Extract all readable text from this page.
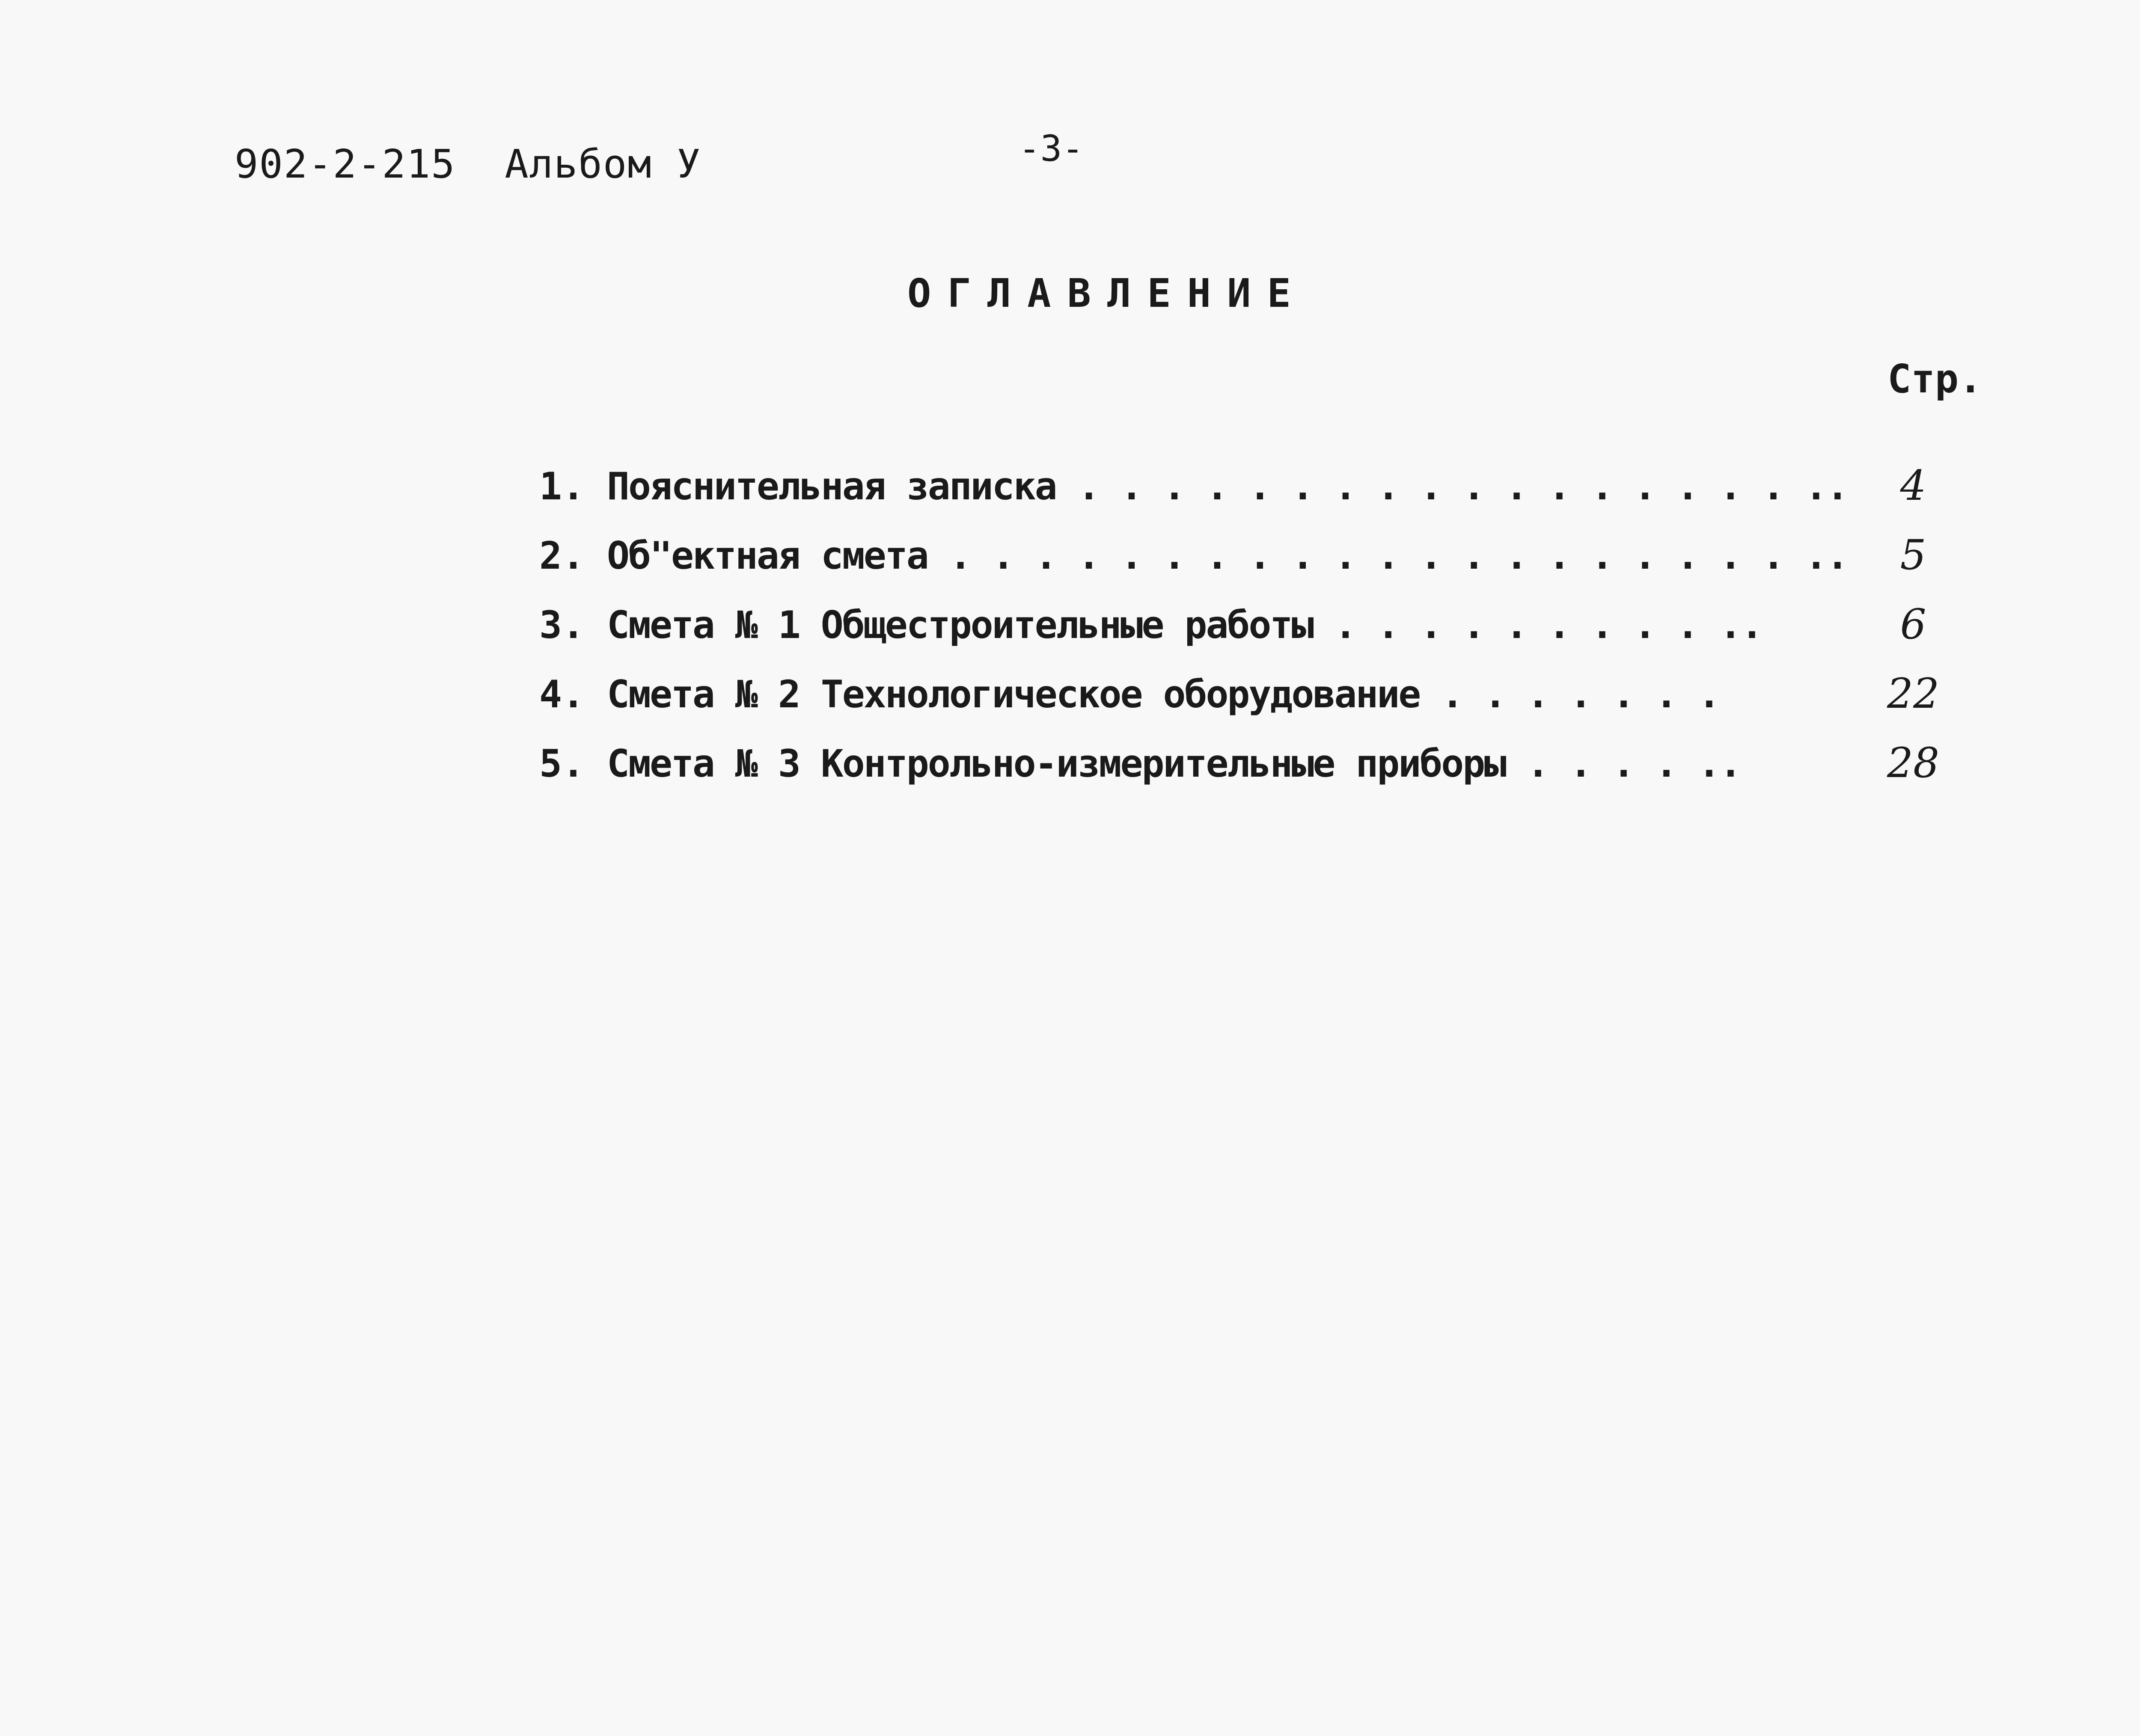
902-2-215  Альбом У	-3-
ОГЛАВЛЕНИЕ
Стр.
1. Пояснительная записка . . . . . . . . . . . . . . . . . ..	4
2. Об"ектная смета . . . . . . . . . . . . . . . . . . . . ..	5
3. Смета № 1 Общестроительные работы . . . . . . . . . ..	6
4. Смета № 2 Технологическое оборудование . . . . . . .	22
5. Смета № 3 Контрольно-измерительные приборы . . . . ..	28
